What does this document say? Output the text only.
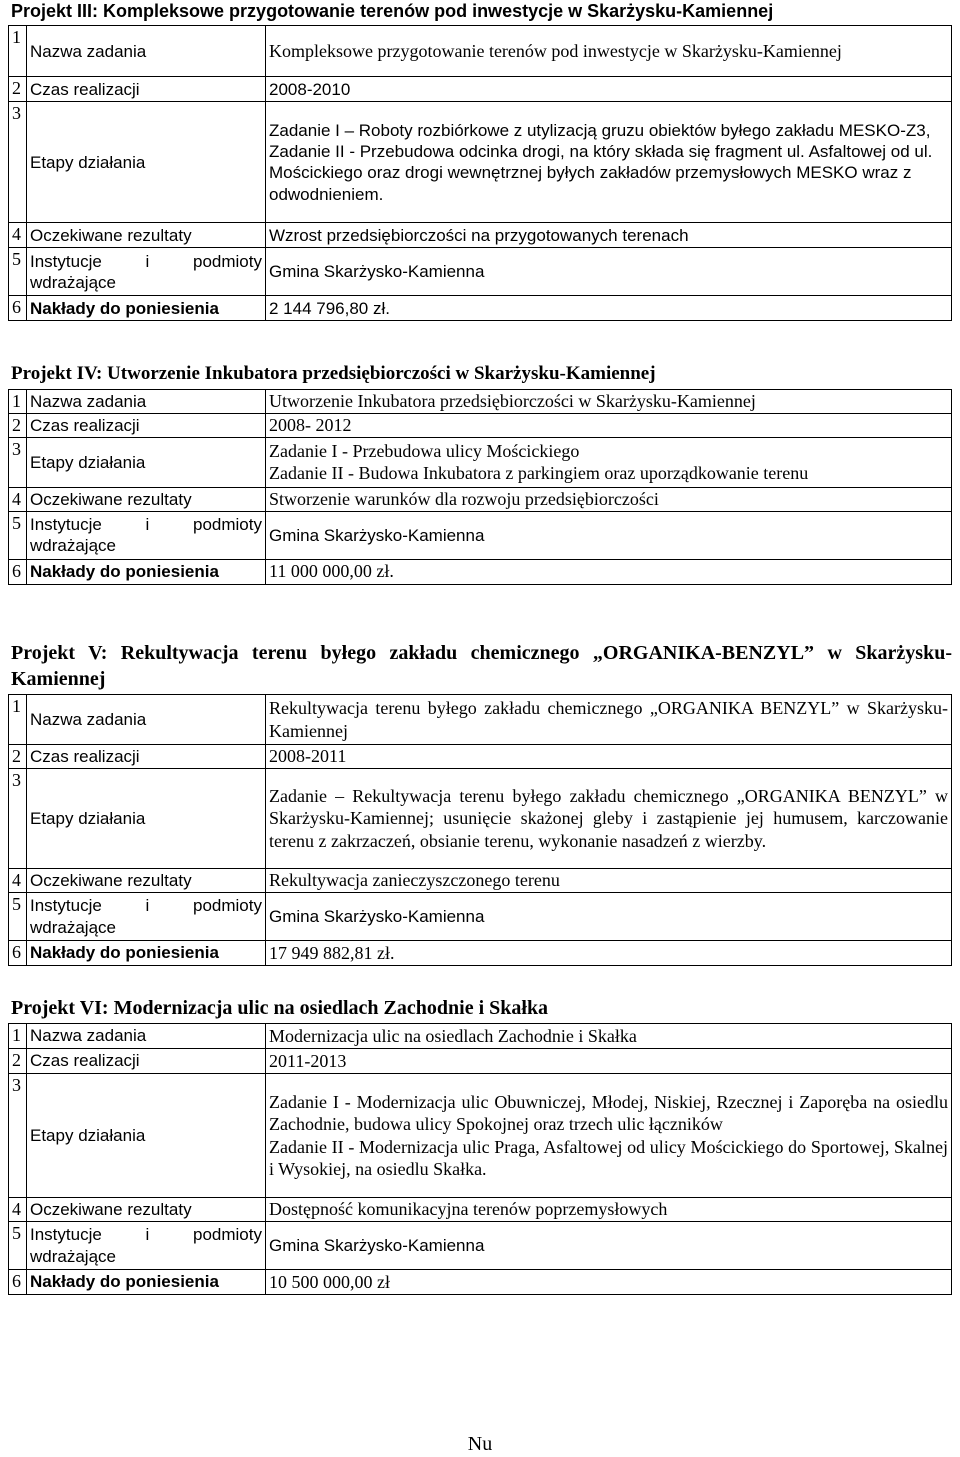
Projekt III: Kompleksowe przygotowanie terenów pod inwestycje w Skarżysku-Kamiennej
1	Nazwa zadania	Kompleksowe przygotowanie terenów pod inwestycje w Skarżysku-Kamiennej
2	Czas realizacji	2008-2010
3	Etapy działania	Zadanie I – Roboty rozbiórkowe z utylizacją gruzu obiektów byłego zakładu MESKO-Z3,
Zadanie II - Przebudowa odcinka drogi, na który składa się fragment ul. Asfaltowej od ul. Mościckiego oraz drogi wewnętrznej byłych zakładów przemysłowych MESKO wraz z odwodnieniem.

4	Oczekiwane rezultaty	Wzrost przedsiębiorczości na przygotowanych terenach
5	Instytucje i podmioty
wdrażające	Gmina Skarżysko-Kamienna
6	Nakłady do poniesienia	2 144 796,80 zł.
Projekt IV: Utworzenie Inkubatora przedsiębiorczości w Skarżysku-Kamiennej
1	Nazwa zadania	Utworzenie Inkubatora przedsiębiorczości w Skarżysku-Kamiennej
2	Czas realizacji	2008- 2012
3	Etapy działania	Zadanie I - Przebudowa ulicy Mościckiego
Zadanie II - Budowa Inkubatora z parkingiem oraz uporządkowanie terenu

4	Oczekiwane rezultaty	Stworzenie warunków dla rozwoju przedsiębiorczości
5	Instytucje i podmioty
wdrażające	Gmina Skarżysko-Kamienna
6	Nakłady do poniesienia	11 000 000,00 zł.
Projekt V: Rekultywacja terenu byłego zakładu chemicznego „ORGANIKA-BENZYL” w Skarżysku-Kamiennej
1	Nazwa zadania	Rekultywacja terenu byłego zakładu chemicznego „ORGANIKA BENZYL” w Skarżysku-Kamiennej
2	Czas realizacji	2008-2011
3	Etapy działania	Zadanie – Rekultywacja terenu byłego zakładu chemicznego „ORGANIKA BENZYL” w Skarżysku-Kamiennej; usunięcie skażonej gleby i zastąpienie jej humusem, karczowanie terenu z zakrzaczeń, obsianie terenu, wykonanie nasadzeń z wierzby.
4	Oczekiwane rezultaty	Rekultywacja zanieczyszczonego terenu
5	Instytucje i podmioty
wdrażające	Gmina Skarżysko-Kamienna
6	Nakłady do poniesienia	17 949 882,81 zł.
Projekt VI: Modernizacja ulic na osiedlach Zachodnie i Skałka
1	Nazwa zadania	Modernizacja ulic na osiedlach Zachodnie i Skałka
2	Czas realizacji	2011-2013
3	Etapy działania	Zadanie I - Modernizacja ulic Obuwniczej, Młodej, Niskiej, Rzecznej i Zaporęba na osiedlu Zachodnie, budowa ulicy Spokojnej oraz trzech ulic łączników
Zadanie II - Modernizacja ulic Praga, Asfaltowej od ulicy Mościckiego do Sportowej, Skalnej i Wysokiej, na osiedlu Skałka.

4	Oczekiwane rezultaty	Dostępność komunikacyjna terenów poprzemysłowych
5	Instytucje i podmioty
wdrażające	Gmina Skarżysko-Kamienna
6	Nakłady do poniesienia	10 500 000,00 zł
Nu
